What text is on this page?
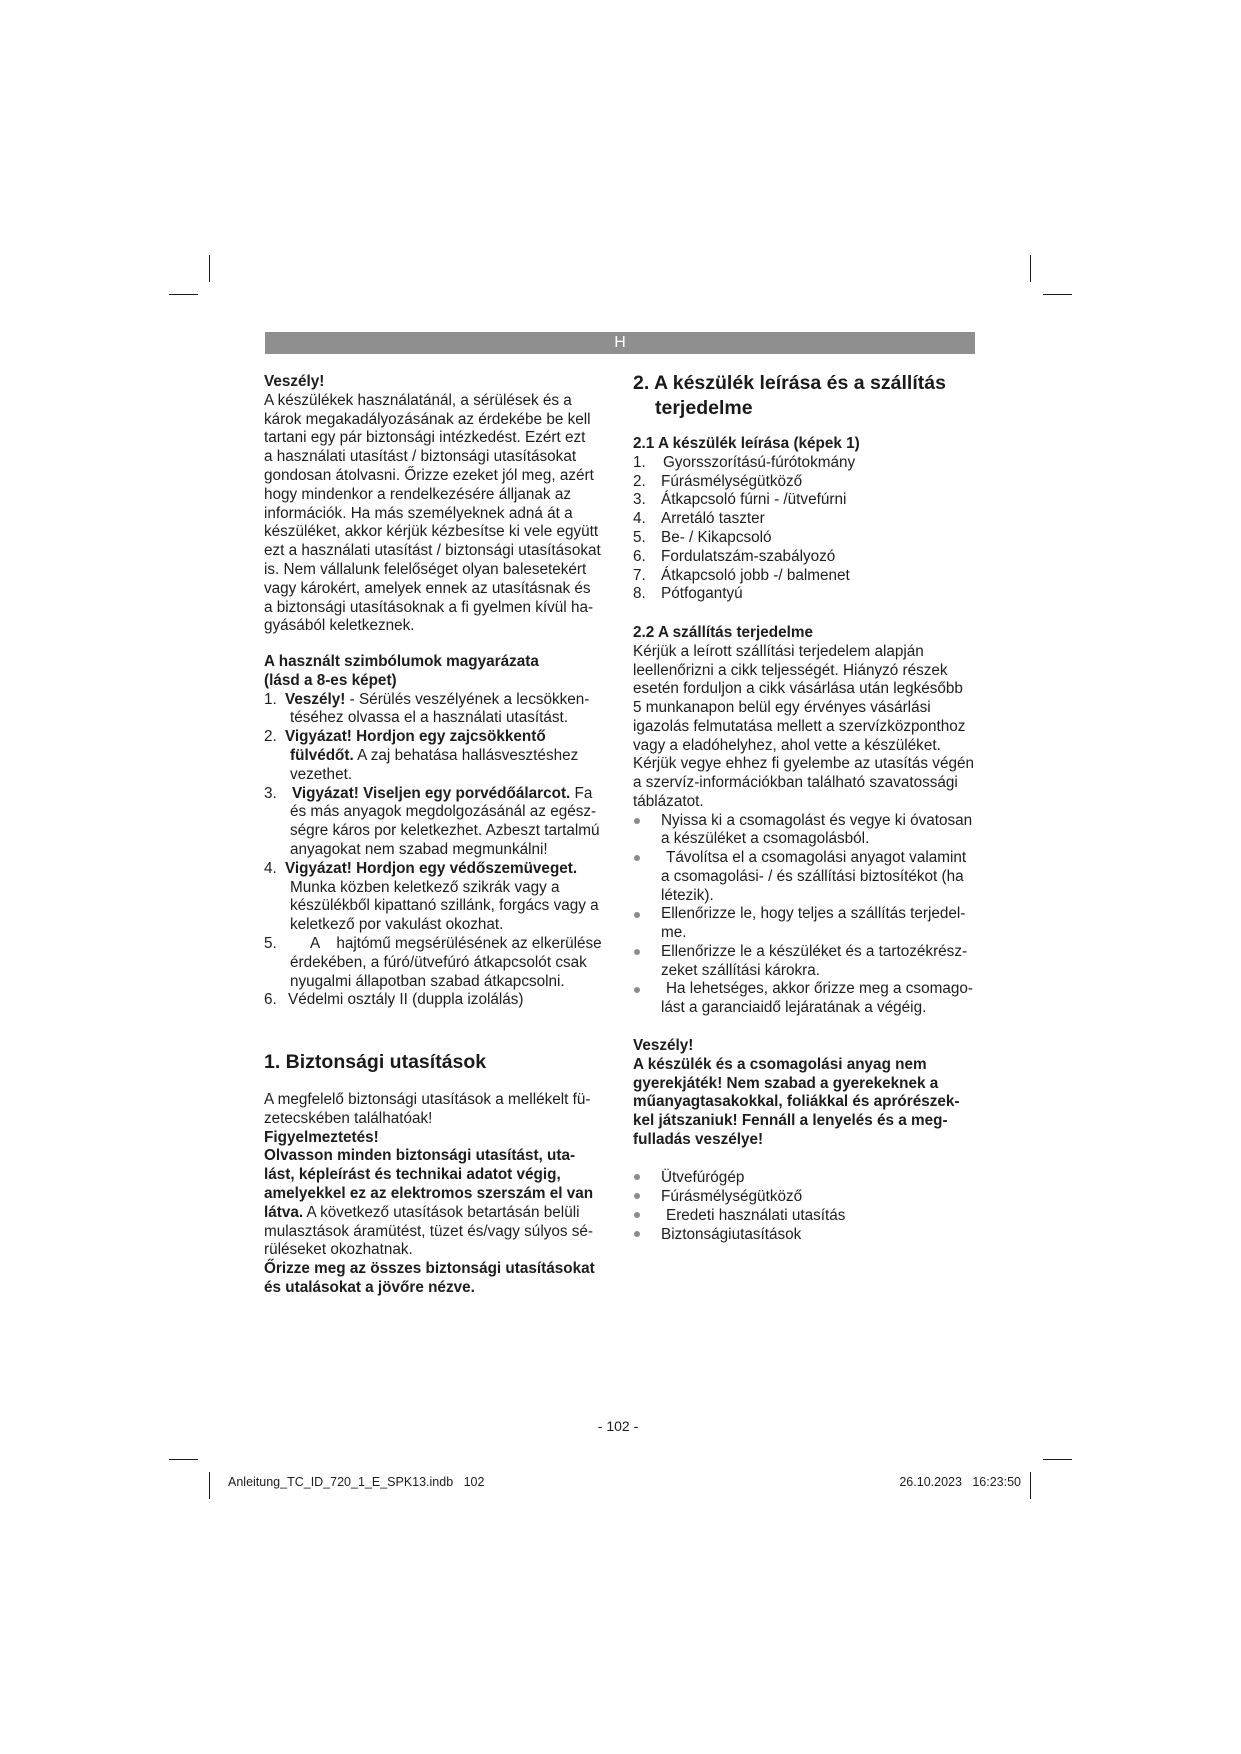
H
Veszély!
A készülékek használatánál, a sérülések és a
károk megakadályozásának az érdekébe be kell
tartani egy pár biztonsági intézkedést. Ezért ezt
a használati utasítást / biztonsági utasításokat
gondosan átolvasni. Őrizze ezeket jól meg, azért
hogy mindenkor a rendelkezésére álljanak az
információk. Ha más személyeknek adná át a
készüléket, akkor kérjük kézbesítse ki vele együtt
ezt a használati utasítást / biztonsági utasításokat
is. Nem vállalunk felelőséget olyan balesetekért
vagy károkért, amelyek ennek az utasításnak és
a biztonsági utasításoknak a fi gyelmen kívül ha-
gyásából keletkeznek.
A használt szimbólumok magyarázata
(lásd a 8-es képet)
1. Veszély! - Sérülés veszélyének a lecsökken-
téséhez olvassa el a használati utasítást.
2. Vigyázat! Hordjon egy zajcsökkentő
fülvédőt. A zaj behatása hallásvesztéshez
vezethet.
3. Vigyázat! Viseljen egy porvédőálarcot. Fa
és más anyagok megdolgozásánál az egész-
ségre káros por keletkezhet. Azbeszt tartalmú
anyagokat nem szabad megmunkálni!
4. Vigyázat! Hordjon egy védőszemüveget.
Munka közben keletkező szikrák vagy a
készülékből kipattanó szillánk, forgács vagy a
keletkező por vakulást okozhat.
5. A    hajtómű megsérülésének az elkerülése
érdekében, a fúró/ütvefúró átkapcsolót csak
nyugalmi állapotban szabad átkapcsolni.
6. Védelmi osztály II (duppla izolálás)
1. Biztonsági utasítások
A megfelelő biztonsági utasítások a mellékelt fü-
zetecskében találhatóak!
Figyelmeztetés!
Olvasson minden biztonsági utasítást, uta-
lást, képleírást és technikai adatot végig,
amelyekkel ez az elektromos szerszám el van
látva. A következő utasítások betartásán belüli
mulasztások áramütést, tüzet és/vagy súlyos sé-
rüléseket okozhatnak.
Őrizze meg az összes biztonsági utasításokat
és utalásokat a jövőre nézve.
2. A készülék leírása és a szállítás
terjedelme
2.1 A készülék leírása (képek 1)
1. Gyorsszorítású-fúrótokmány
2. Fúrásmélységütköző
3. Átkapcsoló fúrni - /ütvefúrni
4. Arretáló taszter
5. Be- / Kikapcsoló
6. Fordulatszám-szabályozó
7. Átkapcsoló jobb -/ balmenet
8. Pótfogantyú
2.2 A szállítás terjedelme
Kérjük a leírott szállítási terjedelem alapján
leellenőrizni a cikk teljességét. Hiányzó részek
esetén forduljon a cikk vásárlása után legkésőbb
5 munkanapon belül egy érvényes vásárlási
igazolás felmutatása mellett a szervízközponthoz
vagy a eladóhelyhez, ahol vette a készüléket.
Kérjük vegye ehhez fi gyelembe az utasítás végén
a szervíz-információkban található szavatossági
táblázatot.
Nyissa ki a csomagolást és vegye ki óvatosan
a készüléket a csomagolásból.
Távolítsa el a csomagolási anyagot valamint
a csomagolási- / és szállítási biztosítékot (ha
létezik).
Ellenőrizze le, hogy teljes a szállítás terjedel-
me.
Ellenőrizze le a készüléket és a tartozékrész-
zeket szállítási károkra.
Ha lehetséges, akkor őrizze meg a csomago-
lást a garanciaidő lejáratának a végéig.
Veszély!
A készülék és a csomagolási anyag nem
gyerekjáték! Nem szabad a gyerekeknek a
műanyagtasakokkal, foliákkal és aprórészek-
kel játszaniuk! Fennáll a lenyelés és a meg-
fulladás veszélye!
Ütvefúrógép
Fúrásmélységütköző
Eredeti használati utasítás
Biztonságiutasítások
- 102 -
Anleitung_TC_ID_720_1_E_SPK13.indb   102	26.10.2023   16:23:50
